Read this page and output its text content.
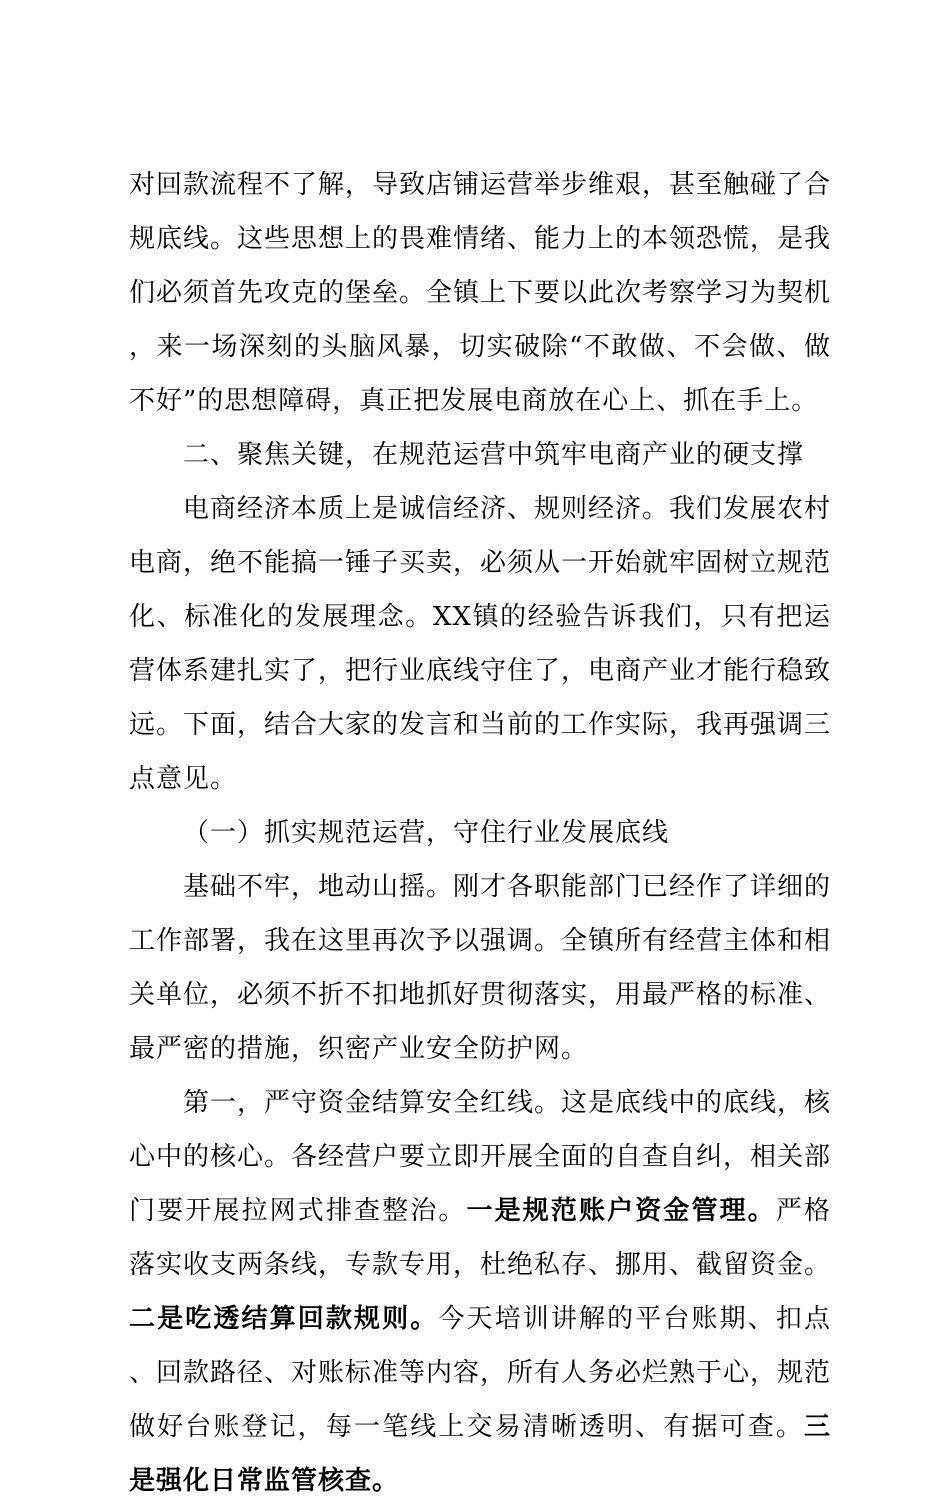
对回款流程不了解，导致店铺运营举步维艰，甚至触碰了合规底线。这些思想上的畏难情绪、能力上的本领恐慌，是我们必须首先攻克的堡垒。全镇上下要以此次考察学习为契机，来一场深刻的头脑风暴，切实破除“不敢做、不会做、做不好”的思想障碍，真正把发展电商放在心上、抓在手上。

二、聚焦关键，在规范运营中筑牢电商产业的硬支撑

电商经济本质上是诚信经济、规则经济。我们发展农村电商，绝不能搞一锤子买卖，必须从一开始就牢固树立规范化、标准化的发展理念。XX镇的经验告诉我们，只有把运营体系建扎实了，把行业底线守住了，电商产业才能行稳致远。下面，结合大家的发言和当前的工作实际，我再强调三点意见。

（一）抓实规范运营，守住行业发展底线

基础不牢，地动山摇。刚才各职能部门已经作了详细的工作部署，我在这里再次予以强调。全镇所有经营主体和相关单位，必须不折不扣地抓好贯彻落实，用最严格的标准、最严密的措施，织密产业安全防护网。

第一，严守资金结算安全红线。这是底线中的底线，核心中的核心。各经营户要立即开展全面的自查自纠，相关部门要开展拉网式排查整治。一是规范账户资金管理。严格落实收支两条线，专款专用，杜绝私存、挪用、截留资金。二是吃透结算回款规则。今天培训讲解的平台账期、扣点、回款路径、对账标准等内容，所有人务必烂熟于心，规范做好台账登记，每一笔线上交易清晰透明、有据可查。三是强化日常监管核查。
